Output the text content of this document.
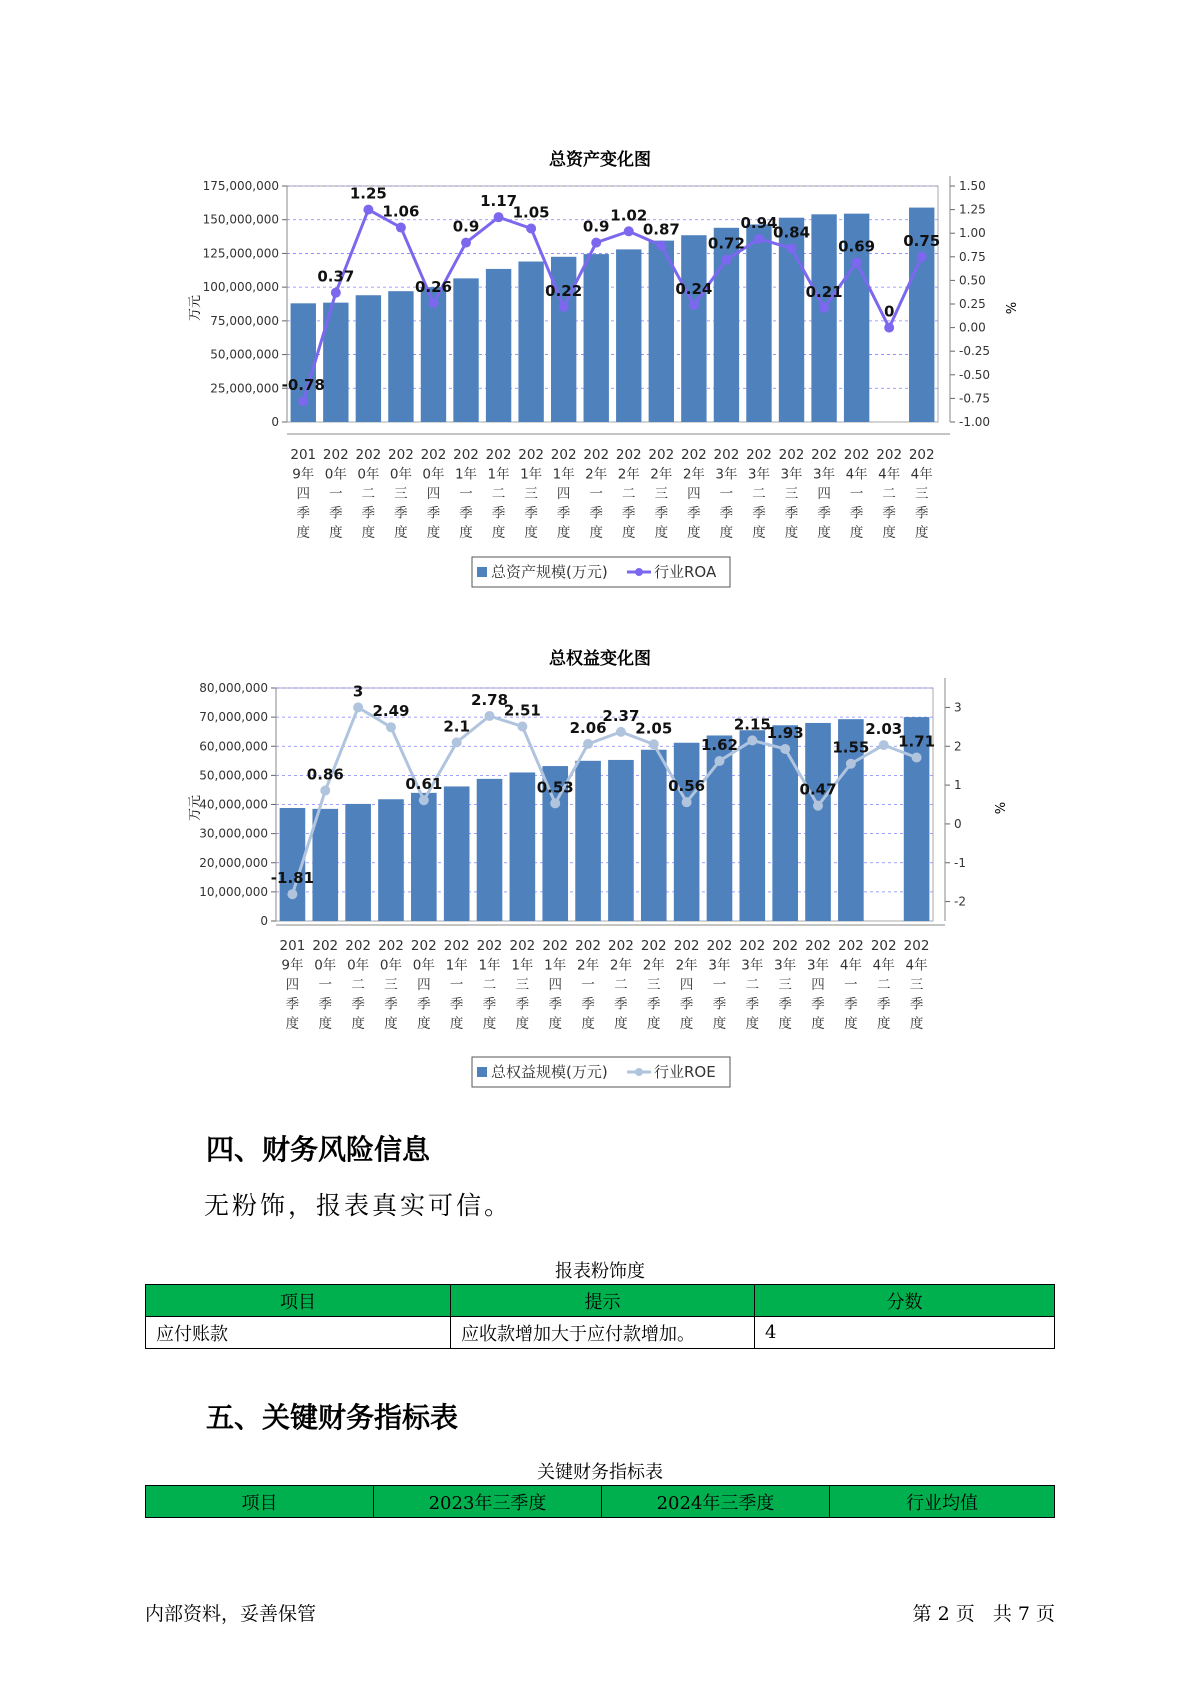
总资产变化图
万元	%
总资产规模(万元)	行业ROA
0
25,000,000
50,000,000
75,000,000
100,000,000
125,000,000
150,000,000
175,000,000
-1.00
-0.75
-0.50
-0.25
0.00
0.25
0.50
0.75
1.00
1.25
1.50
201
9年
四
季
度
202
0年
一
季
度
202
0年
二
季
度
202
0年
三
季
度
202
0年
四
季
度
202
1年
一
季
度
202
1年
二
季
度
202
1年
三
季
度
202
1年
四
季
度
202
2年
一
季
度
202
2年
二
季
度
202
2年
三
季
度
202
2年
四
季
度
202
3年
一
季
度
202
3年
二
季
度
202
3年
三
季
度
202
3年
四
季
度
202
4年
一
季
度
202
4年
二
季
度
202
4年
三
季
度
-0.78
0.37
1.25
1.06
0.26
0.9
1.17
1.05
0.22
0.9
1.02
0.87
0.24
0.72
0.94
0.84
0.21
0.69
0
0.75
总权益变化图
万元	%
总权益规模(万元)	行业ROE
0
10,000,000
20,000,000
30,000,000
40,000,000
50,000,000
60,000,000
70,000,000
80,000,000
-2
-1
0
1
2
3
201
9年
四
季
度
202
0年
一
季
度
202
0年
二
季
度
202
0年
三
季
度
202
0年
四
季
度
202
1年
一
季
度
202
1年
二
季
度
202
1年
三
季
度
202
1年
四
季
度
202
2年
一
季
度
202
2年
二
季
度
202
2年
三
季
度
202
2年
四
季
度
202
3年
一
季
度
202
3年
二
季
度
202
3年
三
季
度
202
3年
四
季
度
202
4年
一
季
度
202
4年
二
季
度
202
4年
三
季
度
-1.81
0.86
3
2.49
0.61
2.1
2.78
2.51
0.53
2.06
2.37
2.05
0.56
1.62
2.15
1.93
0.47
1.55
2.03
1.71
四、财务风险信息

无粉饰，报表真实可信。

报表粉饰度

项目	提示	分数
应付账款	应收款增加大于应付款增加。	4
五、关键财务指标表

关键财务指标表

项目	2023年三季度	2024年三季度	行业均值
内部资料，妥善保管	第 2 页   共 7 页
